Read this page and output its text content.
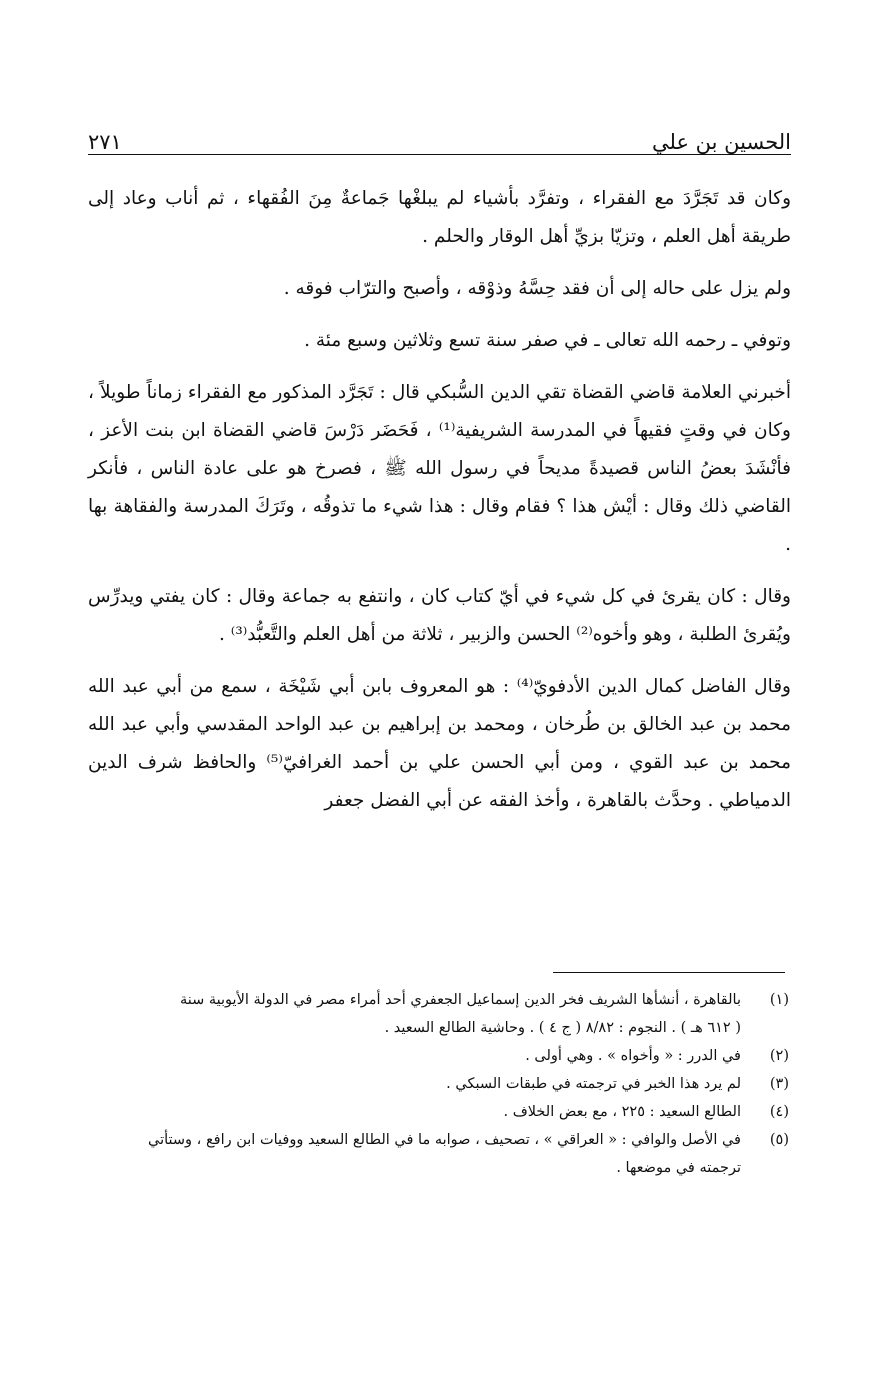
الحسين بن علي
٢٧١

وكان قد تَجَرَّدَ مع الفقراء ، وتفرَّد بأشياء لم يبلغْها جَماعةٌ مِنَ الفُقهاء ، ثم أناب وعاد إلى طريقة أهل العلم ، وتزيّا بزيِّ أهل الوقار والحلم .

ولم يزل على حاله إلى أن فقد حِسَّهُ وذوْقه ، وأصبح والترّاب فوقه .

وتوفي ـ رحمه الله تعالى ـ في صفر سنة تسع وثلاثين وسبع مئة .

أخبرني العلامة قاضي القضاة تقي الدين السُّبكي قال : تَجَرَّد المذكور مع الفقراء زماناً طويلاً ، وكان في وقتٍ فقيهاً في المدرسة الشريفية⁽¹⁾ ، فَحَضَر دَرْسَ قاضي القضاة ابن بنت الأعز ، فأنْشَدَ بعضُ الناس قصيدةً مديحاً في رسول الله ﷺ ، فصرخ هو على عادة الناس ، فأنكر القاضي ذلك وقال : أيْش هذا ؟ فقام وقال : هذا شيء ما تذوقُه ، وتَرَكَ المدرسة والفقاهة بها .

وقال : كان يقرئ في كل شيء في أيّ كتاب كان ، وانتفع به جماعة وقال : كان يفتي ويدرِّس ويُقرئ الطلبة ، وهو وأخوه⁽²⁾ الحسن والزبير ، ثلاثة من أهل العلم والتَّعبُّد⁽³⁾ .

وقال الفاضل كمال الدين الأدفويّ⁽⁴⁾ : هو المعروف بابن أبي شَيْخَة ، سمع من أبي عبد الله محمد بن عبد الخالق بن طُرخان ، ومحمد بن إبراهيم بن عبد الواحد المقدسي وأبي عبد الله محمد بن عبد القوي ، ومن أبي الحسن علي بن أحمد الغرافيّ⁽⁵⁾ والحافظ شرف الدين الدمياطي . وحدَّث بالقاهرة ، وأخذ الفقه عن أبي الفضل جعفر

(١)
بالقاهرة ، أنشأها الشريف فخر الدين إسماعيل الجعفري أحد أمراء مصر في الدولة الأيوبية سنة
( ٦١٢ هـ ) . النجوم : ٨/٨٢ ( ج ٤ ) . وحاشية الطالع السعيد .
(٢)
في الدرر : « وأخواه » . وهي أولى .
(٣)
لم يرد هذا الخبر في ترجمته في طبقات السبكي .
(٤)
الطالع السعيد : ٢٢٥ ، مع بعض الخلاف .
(٥)
في الأصل والوافي : « العراقي » ، تصحيف ، صوابه ما في الطالع السعيد ووفيات ابن رافع ، وستأتي
ترجمته في موضعها .
